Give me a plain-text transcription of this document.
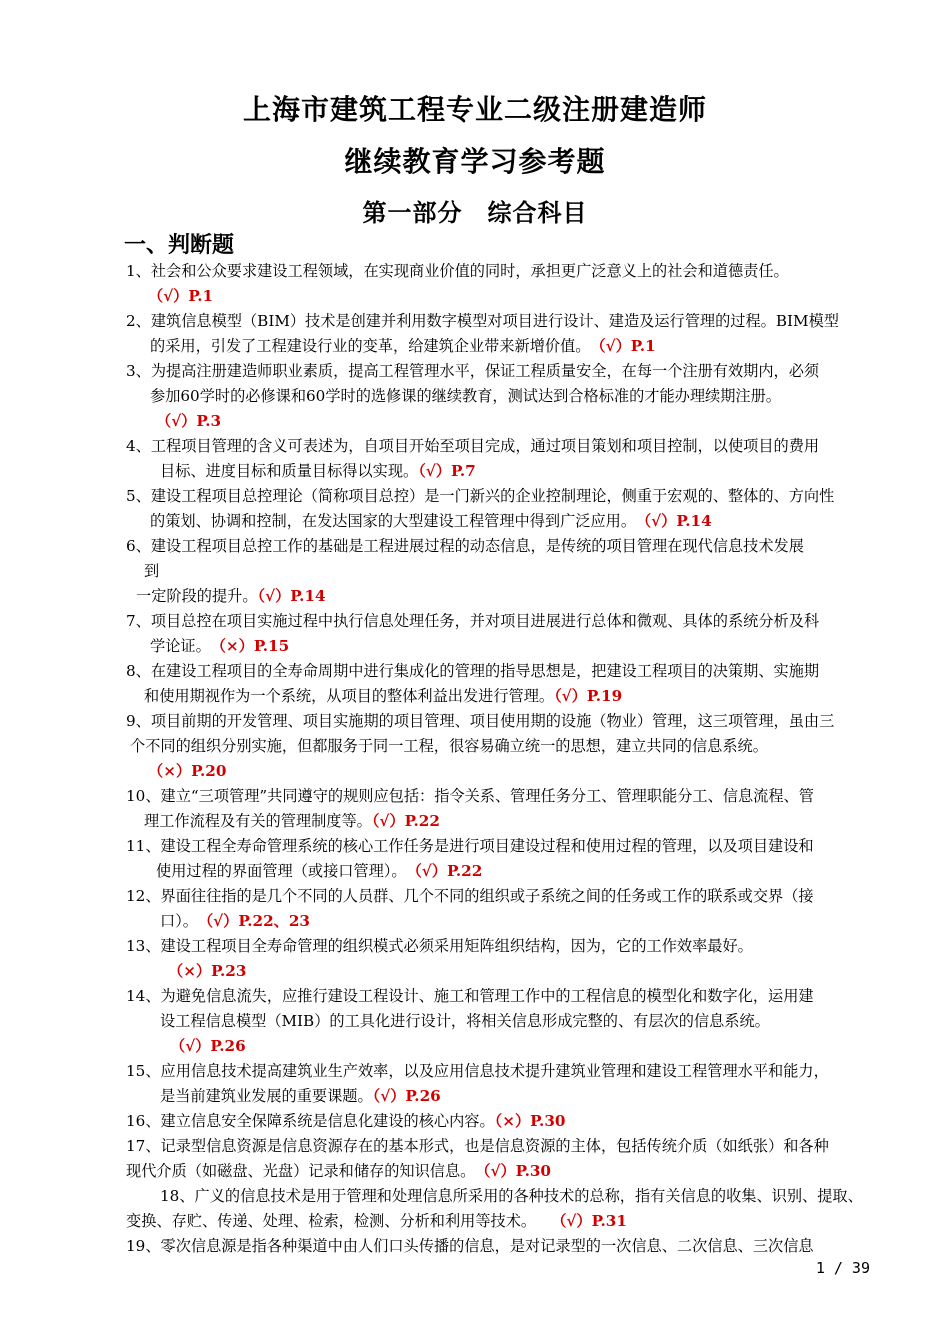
上海市建筑工程专业二级注册建造师
继续教育学习参考题
第一部分　综合科目
一、判断题
1、社会和公众要求建设工程领域，在实现商业价值的同时，承担更广泛意义上的社会和道德责任。
（√）P.1
2、建筑信息模型（BIM）技术是创建并利用数字模型对项目进行设计、建造及运行管理的过程。BIM模型
的采用，引发了工程建设行业的变革，给建筑企业带来新增价值。　（√）P.1
3、为提高注册建造师职业素质，提高工程管理水平，保证工程质量安全，在每一个注册有效期内，必须
参加60学时的必修课和60学时的选修课的继续教育，测试达到合格标准的才能办理续期注册。
（√）P.3
4、工程项目管理的含义可表述为，自项目开始至项目完成，通过项目策划和项目控制，以使项目的费用
目标、进度目标和质量目标得以实现。（√）P.7
5、建设工程项目总控理论（简称项目总控）是一门新兴的企业控制理论，侧重于宏观的、整体的、方向性
的策划、协调和控制，在发达国家的大型建设工程管理中得到广泛应用。　（√）P.14
6、建设工程项目总控工作的基础是工程进展过程的动态信息，是传统的项目管理在现代信息技术发展
到
一定阶段的提升。（√）P.14
7、项目总控在项目实施过程中执行信息处理任务，并对项目进展进行总体和微观、具体的系统分析及科
学论证。　（×）P.15
8、在建设工程项目的全寿命周期中进行集成化的管理的指导思想是，把建设工程项目的决策期、实施期
和使用期视作为一个系统，从项目的整体利益出发进行管理。（√）P.19
9、项目前期的开发管理、项目实施期的项目管理、项目使用期的设施（物业）管理，这三项管理，虽由三
个不同的组织分别实施，但都服务于同一工程，很容易确立统一的思想，建立共同的信息系统。
（×）P.20
10、建立“三项管理”共同遵守的规则应包括：指令关系、管理任务分工、管理职能分工、信息流程、管
理工作流程及有关的管理制度等。（√）P.22
11、建设工程全寿命管理系统的核心工作任务是进行项目建设过程和使用过程的管理，以及项目建设和
使用过程的界面管理（或接口管理）。　（√）P.22
12、界面往往指的是几个不同的人员群、几个不同的组织或子系统之间的任务或工作的联系或交界（接
口）。　（√）P.22、23
13、建设工程项目全寿命管理的组织模式必须采用矩阵组织结构，因为，它的工作效率最好。
（×）P.23
14、为避免信息流失，应推行建设工程设计、施工和管理工作中的工程信息的模型化和数字化，运用建
设工程信息模型（MIB）的工具化进行设计，将相关信息形成完整的、有层次的信息系统。
（√）P.26
15、应用信息技术提高建筑业生产效率，以及应用信息技术提升建筑业管理和建设工程管理水平和能力，
是当前建筑业发展的重要课题。（√）P.26
16、建立信息安全保障系统是信息化建设的核心内容。（×）P.30
17、记录型信息资源是信息资源存在的基本形式，也是信息资源的主体，包括传统介质（如纸张）和各种
现代介质（如磁盘、光盘）记录和储存的知识信息。　（√）P.30
18、广义的信息技术是用于管理和处理信息所采用的各种技术的总称，指有关信息的收集、识别、提取、
变换、存贮、传递、处理、检索，检测、分析和利用等技术。　　（√）P.31
19、零次信息源是指各种渠道中由人们口头传播的信息，是对记录型的一次信息、二次信息、三次信息
1 / 39
